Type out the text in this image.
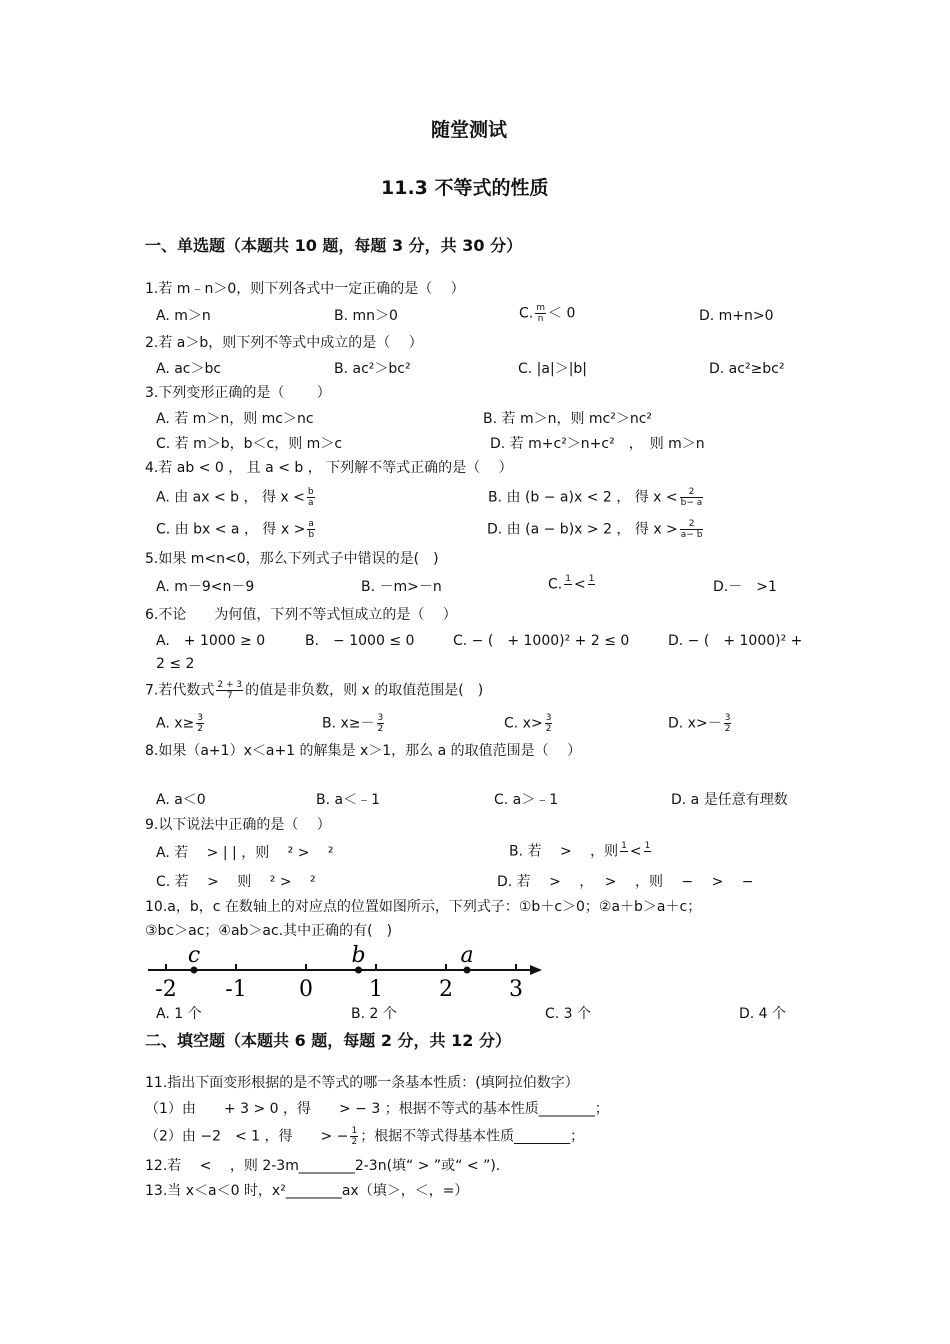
随堂测试
11.3 不等式的性质
一、单选题（本题共 10 题，每题 3 分，共 30 分）
1.若 m﹣n＞0，则下列各式中一定正确的是（　 ）
A. m＞n	B. mn＞0	C. $\frac{m}{n} < 0$	D. m+n>0
2.若 a＞b，则下列不等式中成立的是（　 ）
A. ac＞bc	B. ac²＞bc²	C. |a|＞|b|	D. ac²≥bc²
3.下列变形正确的是（　　 ）
A. 若 m＞n，则 mc＞nc	B. 若 m＞n，则 mc²＞nc²
C. 若 m＞b，b＜c，则 m＞c	D. 若 m+c²＞n+c²　，　则 m＞n
4.若 ab < 0 ， 且 a < b ， 下列解不等式正确的是（　 ）
A. 由 ax < b ， 得 $x < \frac{b}{a}$	B. 由 (b − a)x < 2 ， 得 $x < \frac{2}{b- a}$
C. 由 bx < a ， 得 $x > \frac{a}{b}$	D. 由 (a − b)x > 2 ， 得 $x > \frac{2}{a- b}$
5.如果 m<n<0，那么下列式子中错误的是(　)
A. m－9<n－9	B. －m>－n	C. 1
< 1
	D.－　>1
6.不论　　为何值，下列不等式恒成立的是（　 ）
A.　+ 1000 ≥ 0	B.　− 1000 ≤ 0	C. − (　+ 1000)² + 2 ≤ 0	D. − (　+ 1000)² +
2 ≤ 2
7.若代数式 $\frac{2 + 3}{7}$ 的值是非负数，则 x 的取值范围是(　)
A. $x\ge \frac{3}{2}$	B. $x\ge- \frac{3}{2}$	C. $x> \frac{3}{2}$	D. $x>- \frac{3}{2}$
8.如果（a+1）x＜a+1 的解集是 x＞1，那么 a 的取值范围是（　 ）
A. a＜0	B. a＜﹣1	C. a＞﹣1	D. a 是任意有理数
9.以下说法中正确的是（　 ）
A. 若　 > | | ，则　 ² >　 ²	B. 若　 >　 ，则 1
< 1

C. 若　 >　 则　 ² >　 ²	D. 若　 >　 ，　 >　 ，则　 −　 >　 −
10.a，b，c 在数轴上的对应点的位置如图所示，下列式子：①b＋c＞0；②a＋b＞a＋c；
③bc＞ac；④ab＞ac.其中正确的有(　)
-2 -1 0	1	2	3
c	b	a
A. 1 个	B. 2 个	C. 3 个	D. 4 个
二、填空题（本题共 6 题，每题 2 分，共 12 分）
11.指出下面变形根据的是不等式的哪一条基本性质：(填阿拉伯数字）
（1）由　　+ 3 > 0 ，得　　> − 3 ；根据不等式的基本性质________；
（2）由 −2　< 1 ，得　　> − $\frac{1}{2}$ ；根据不等式得基本性质________；
12.若　 <　 ，则 2-3m________2-3n(填“ > ”或“ < ”).
13.当 x＜a＜0 时，x²________ax（填＞，＜，=）
